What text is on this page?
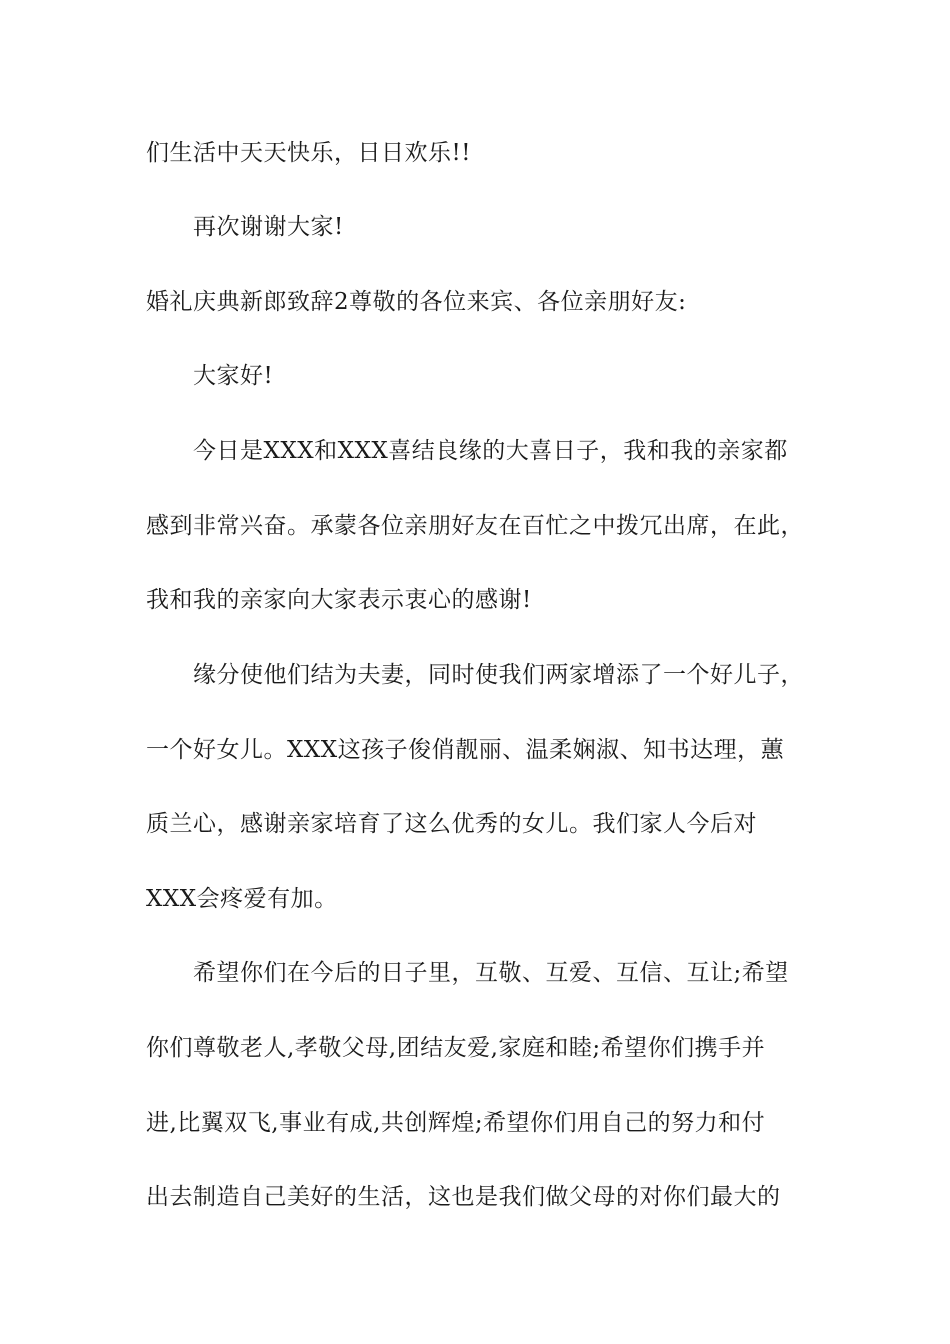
们生活中天天快乐，日日欢乐!!
再次谢谢大家!
婚礼庆典新郎致辞2尊敬的各位来宾、各位亲朋好友:
大家好!
今日是XXX和XXX喜结良缘的大喜日子，我和我的亲家都
感到非常兴奋。承蒙各位亲朋好友在百忙之中拨冗出席，在此，
我和我的亲家向大家表示衷心的感谢!
缘分使他们结为夫妻，同时使我们两家增添了一个好儿子，
一个好女儿。XXX这孩子俊俏靓丽、温柔娴淑、知书达理，蕙
质兰心，感谢亲家培育了这么优秀的女儿。我们家人今后对
XXX会疼爱有加。
希望你们在今后的日子里，互敬、互爱、互信、互让;希望
你们尊敬老人,孝敬父母,团结友爱,家庭和睦;希望你们携手并
进,比翼双飞,事业有成,共创辉煌;希望你们用自己的努力和付
出去制造自己美好的生活，这也是我们做父母的对你们最大的
